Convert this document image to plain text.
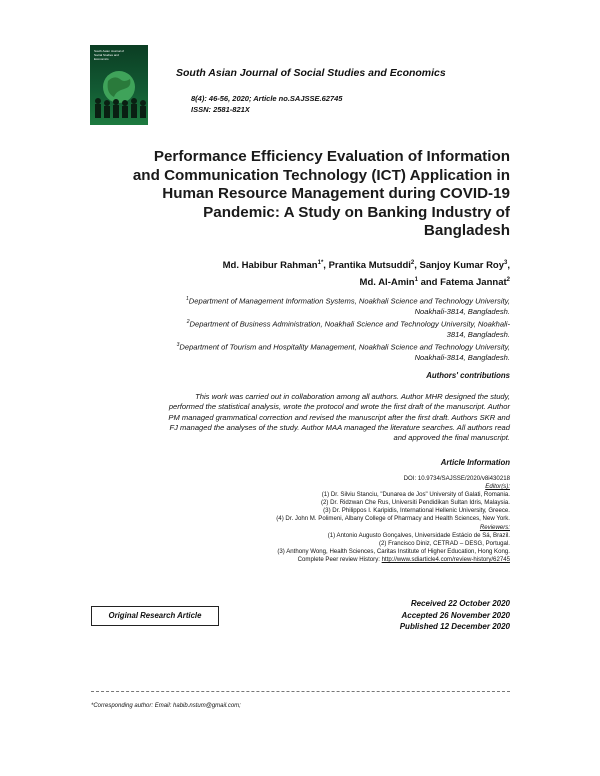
South Asian Journal of
Social Studies and
Economics
South Asian Journal of Social Studies and Economics
8(4): 46-56, 2020; Article no.SAJSSE.62745
ISSN: 2581-821X
Performance Efficiency Evaluation of Information
and Communication Technology (ICT) Application in
Human Resource Management during COVID-19
Pandemic: A Study on Banking Industry of
Bangladesh
Md. Habibur Rahman$^{1*}$, Prantika Mutsuddi$^2$, Sanjoy Kumar Roy$^3$,
Md. Al-Amin$^1$ and Fatema Jannat$^2$

$^1$Department of Management Information Systems, Noakhali Science and Technology University,
Noakhali-3814, Bangladesh.

$^2$Department of Business Administration, Noakhali Science and Technology University, Noakhali-
3814, Bangladesh.

$^3$Department of Tourism and Hospitality Management, Noakhali Science and Technology University,
Noakhali-3814, Bangladesh.

Authors' contributions
This work was carried out in collaboration among all authors. Author MHR designed the study,
performed the statistical analysis, wrote the protocol and wrote the first draft of the manuscript. Author
PM managed grammatical correction and revised the manuscript after the first draft. Authors SKR and
FJ managed the analyses of the study. Author MAA managed the literature searches. All authors read
and approved the final manuscript.
Article Information
DOI: 10.9734/SAJSSE/2020/v8i430218
Editor(s):
(1) Dr. Silviu Stanciu, "Dunarea de Jos" University of Galati, Romania.
(2) Dr. Ridzwan Che Rus, Universiti Pendidikan Sultan Idris, Malaysia.
(3) Dr. Philippos I. Karipidis, International Hellenic University, Greece.
(4) Dr. John M. Polimeni, Albany College of Pharmacy and Health Sciences, New York.
Reviewers:
(1) Antonio Augusto Gonçalves, Universidade Estácio de Sá, Brazil.
(2) Francisco Diniz, CETRAD – DESG, Portugal.
(3) Anthony Wong, Health Sciences, Caritas Institute of Higher Education, Hong Kong.
Complete Peer review History: http://www.sdiarticle4.com/review-history/62745
Original Research Article
Received 22 October 2020
Accepted 26 November 2020
Published 12 December 2020
*Corresponding author: Email: habib.nstum@gmail.com;
